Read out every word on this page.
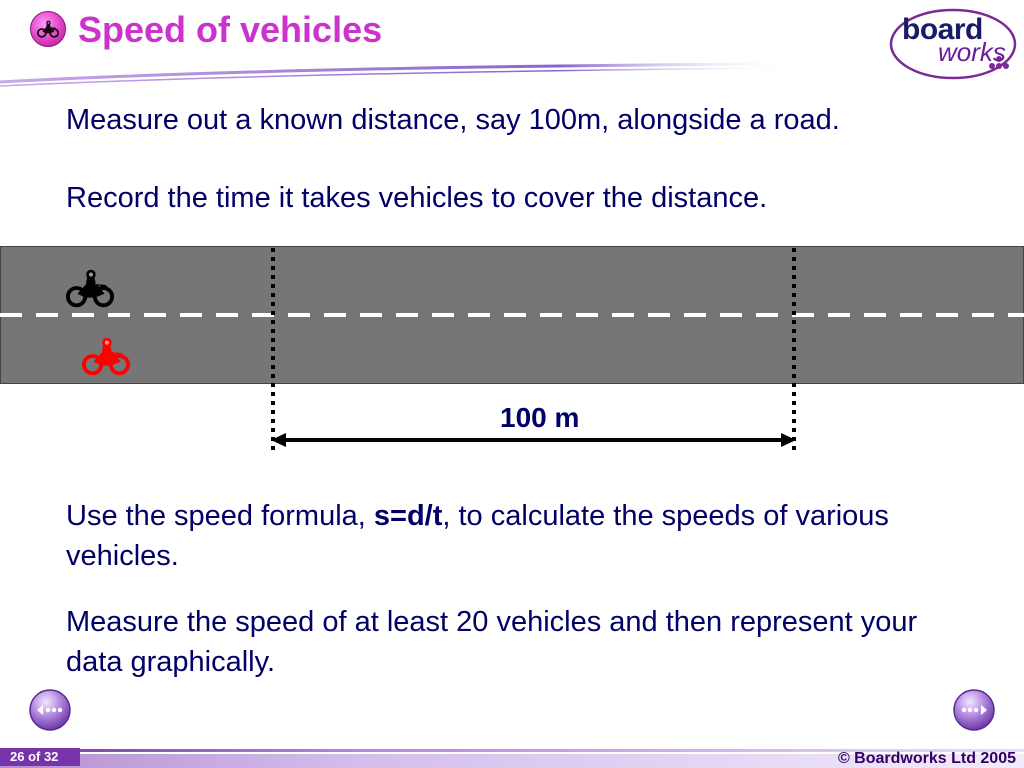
Speed of vehicles	board
works

Measure out a known distance, say 100m, alongside a road.

Record the time it takes vehicles to cover the distance.

100 m

Use the speed formula, s=d/t, to calculate the speeds of various vehicles.

Measure the speed of at least 20 vehicles and then represent your data graphically.

26 of 32	© Boardworks Ltd 2005
